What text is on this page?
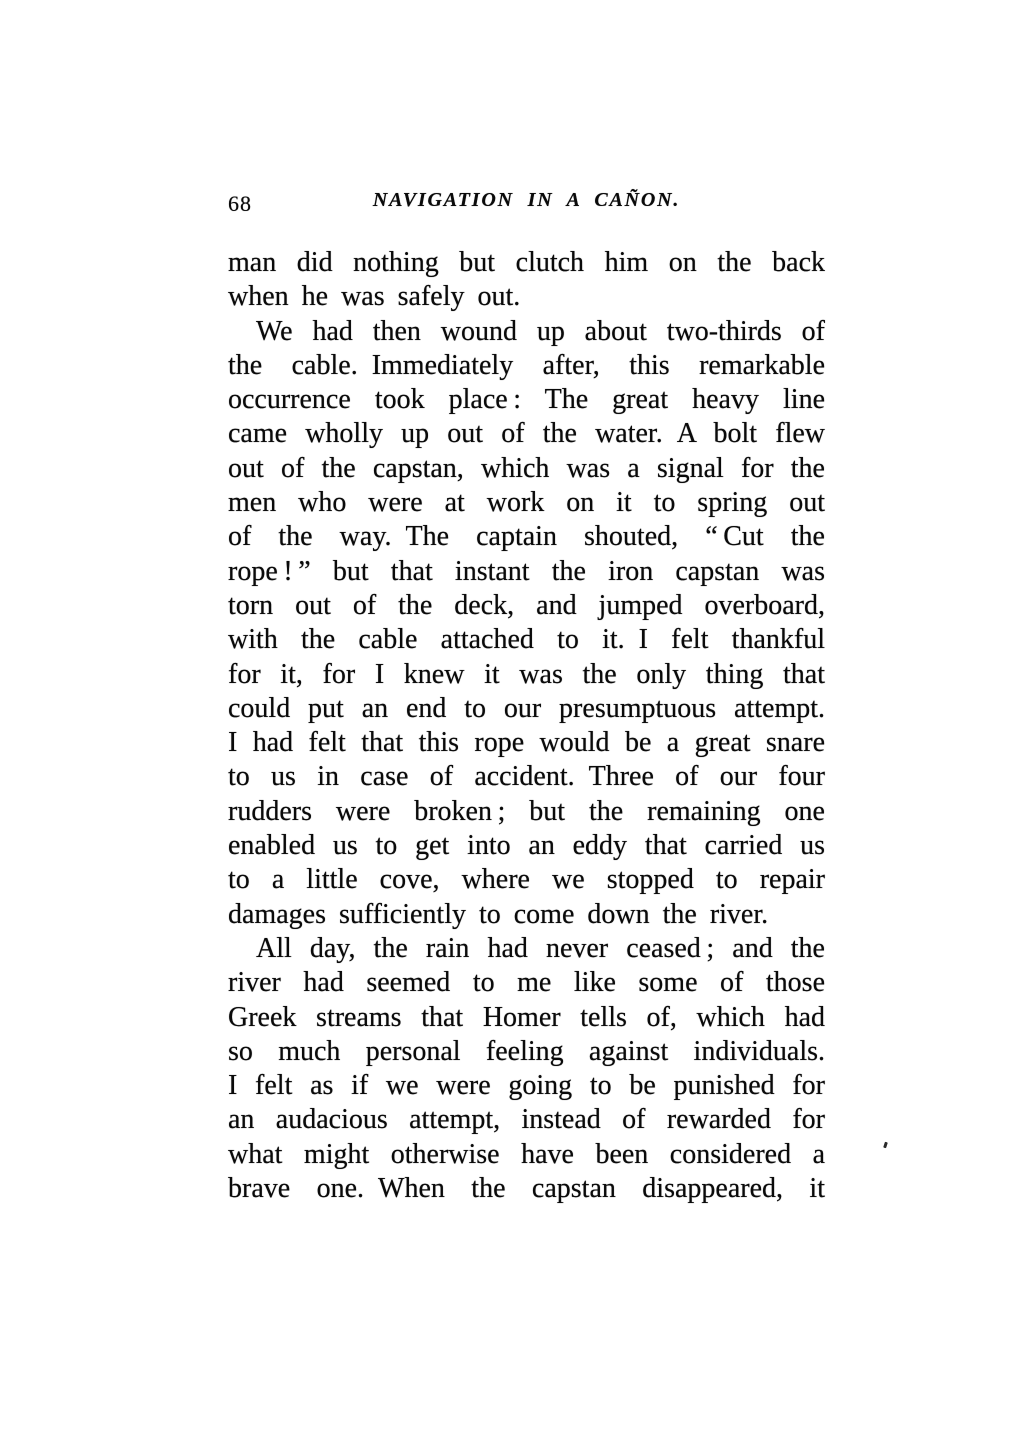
68	NAVIGATION IN A CAÑON.
man did nothing but clutch him on the back
when he was safely out.
We had then wound up about two-thirds of
the cable. Immediately after, this remarkable
occurrence took place : The great heavy line
came wholly up out of the water. A bolt flew
out of the capstan, which was a signal for the
men who were at work on it to spring out
of the way. The captain shouted, “ Cut the
rope ! ” but that instant the iron capstan was
torn out of the deck, and jumped overboard,
with the cable attached to it. I felt thankful
for it, for I knew it was the only thing that
could put an end to our presumptuous attempt.
I had felt that this rope would be a great snare
to us in case of accident. Three of our four
rudders were broken ; but the remaining one
enabled us to get into an eddy that carried us
to a little cove, where we stopped to repair
damages sufficiently to come down the river.
All day, the rain had never ceased ; and the
river had seemed to me like some of those
Greek streams that Homer tells of, which had
so much personal feeling against individuals.
I felt as if we were going to be punished for
an audacious attempt, instead of rewarded for
what might otherwise have been considered a
brave one. When the capstan disappeared, it
